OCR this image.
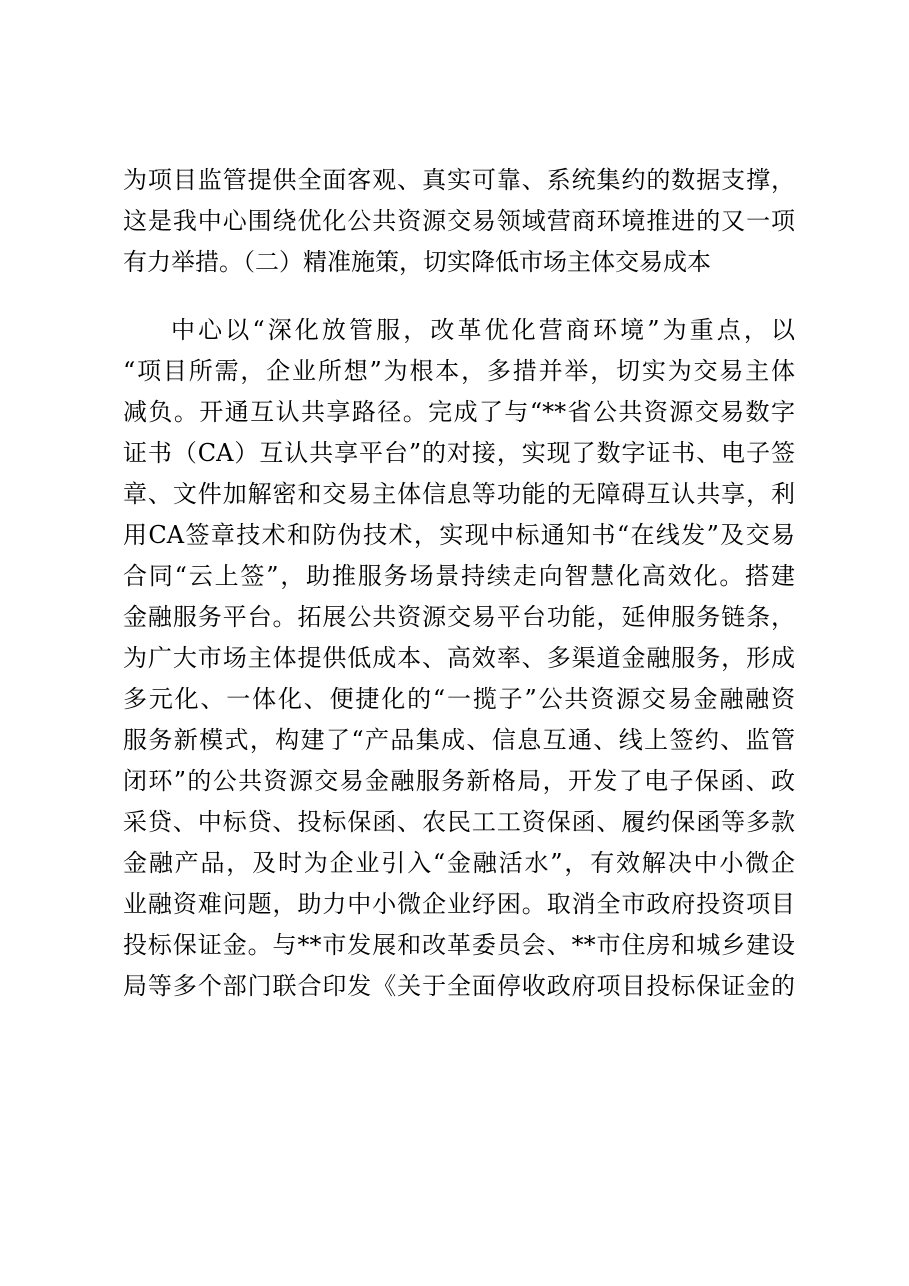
为项目监管提供全面客观、真实可靠、系统集约的数据支撑，
这是我中心围绕优化公共资源交易领域营商环境推进的又一项
有力举措。（二）精准施策，切实降低市场主体交易成本
中心以“深化放管服，改革优化营商环境”为重点，以
“项目所需，企业所想”为根本，多措并举，切实为交易主体
减负。开通互认共享路径。完成了与“**省公共资源交易数字
证书（CA）互认共享平台”的对接，实现了数字证书、电子签
章、文件加解密和交易主体信息等功能的无障碍互认共享，利
用CA签章技术和防伪技术，实现中标通知书“在线发”及交易
合同“云上签”，助推服务场景持续走向智慧化高效化。搭建
金融服务平台。拓展公共资源交易平台功能，延伸服务链条，
为广大市场主体提供低成本、高效率、多渠道金融服务，形成
多元化、一体化、便捷化的“一揽子”公共资源交易金融融资
服务新模式，构建了“产品集成、信息互通、线上签约、监管
闭环”的公共资源交易金融服务新格局，开发了电子保函、政
采贷、中标贷、投标保函、农民工工资保函、履约保函等多款
金融产品，及时为企业引入“金融活水”，有效解决中小微企
业融资难问题，助力中小微企业纾困。取消全市政府投资项目
投标保证金。与**市发展和改革委员会、**市住房和城乡建设
局等多个部门联合印发《关于全面停收政府项目投标保证金的
